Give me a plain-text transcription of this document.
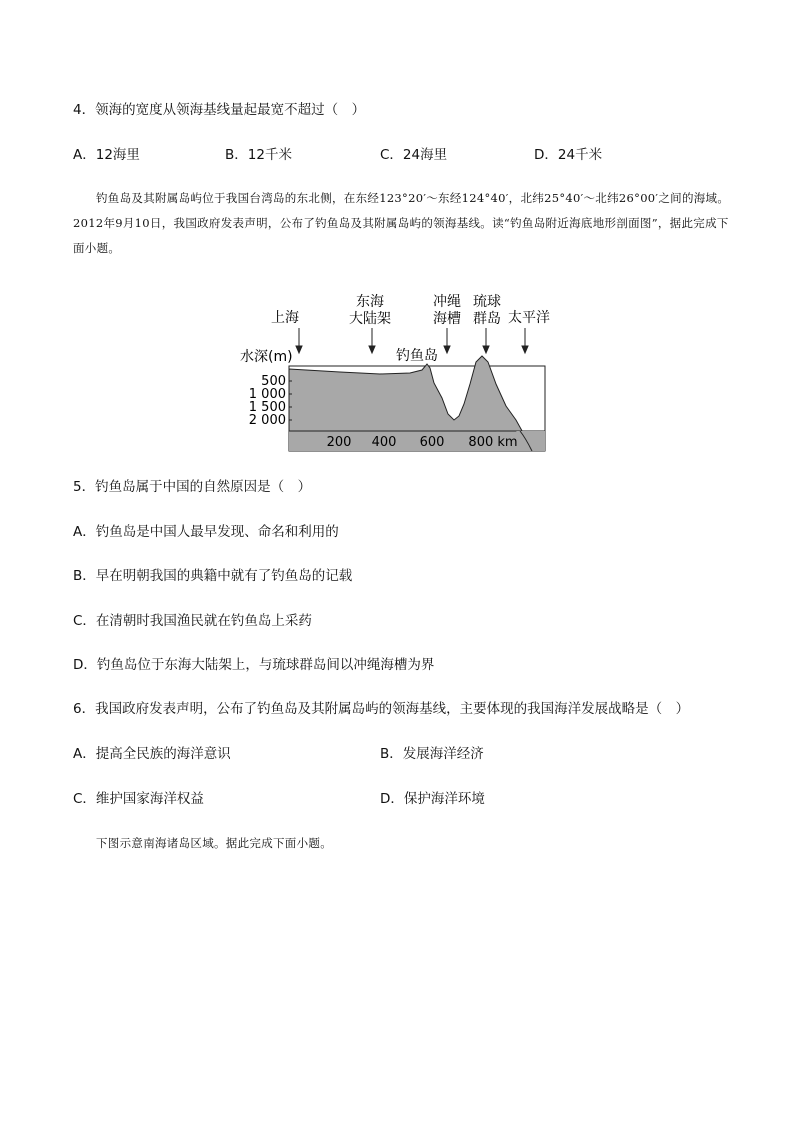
4．领海的宽度从领海基线量起最宽不超过（　）
A．12海里	B．12千米	C．24海里	D．24千米
钓鱼岛及其附属岛屿位于我国台湾岛的东北侧，在东经123°20′～东经124°40′，北纬25°40′～北纬26°00′之间的海域。2012年9月10日，我国政府发表声明，公布了钓鱼岛及其附属岛屿的领海基线。读“钓鱼岛附近海底地形剖面图”，据此完成下面小题。
上海
东海
大陆架
冲绳
海槽
琉球
群岛 太平洋
水深(m)	钓鱼岛
500
1 000
1 500
2 000
200 400 600 800 km
5．钓鱼岛属于中国的自然原因是（　）
A．钓鱼岛是中国人最早发现、命名和利用的
B．早在明朝我国的典籍中就有了钓鱼岛的记载
C．在清朝时我国渔民就在钓鱼岛上采药
D．钓鱼岛位于东海大陆架上，与琉球群岛间以冲绳海槽为界
6．我国政府发表声明，公布了钓鱼岛及其附属岛屿的领海基线，主要体现的我国海洋发展战略是（　）
A．提高全民族的海洋意识	B．发展海洋经济
C．维护国家海洋权益	D．保护海洋环境
下图示意南海诸岛区域。据此完成下面小题。
